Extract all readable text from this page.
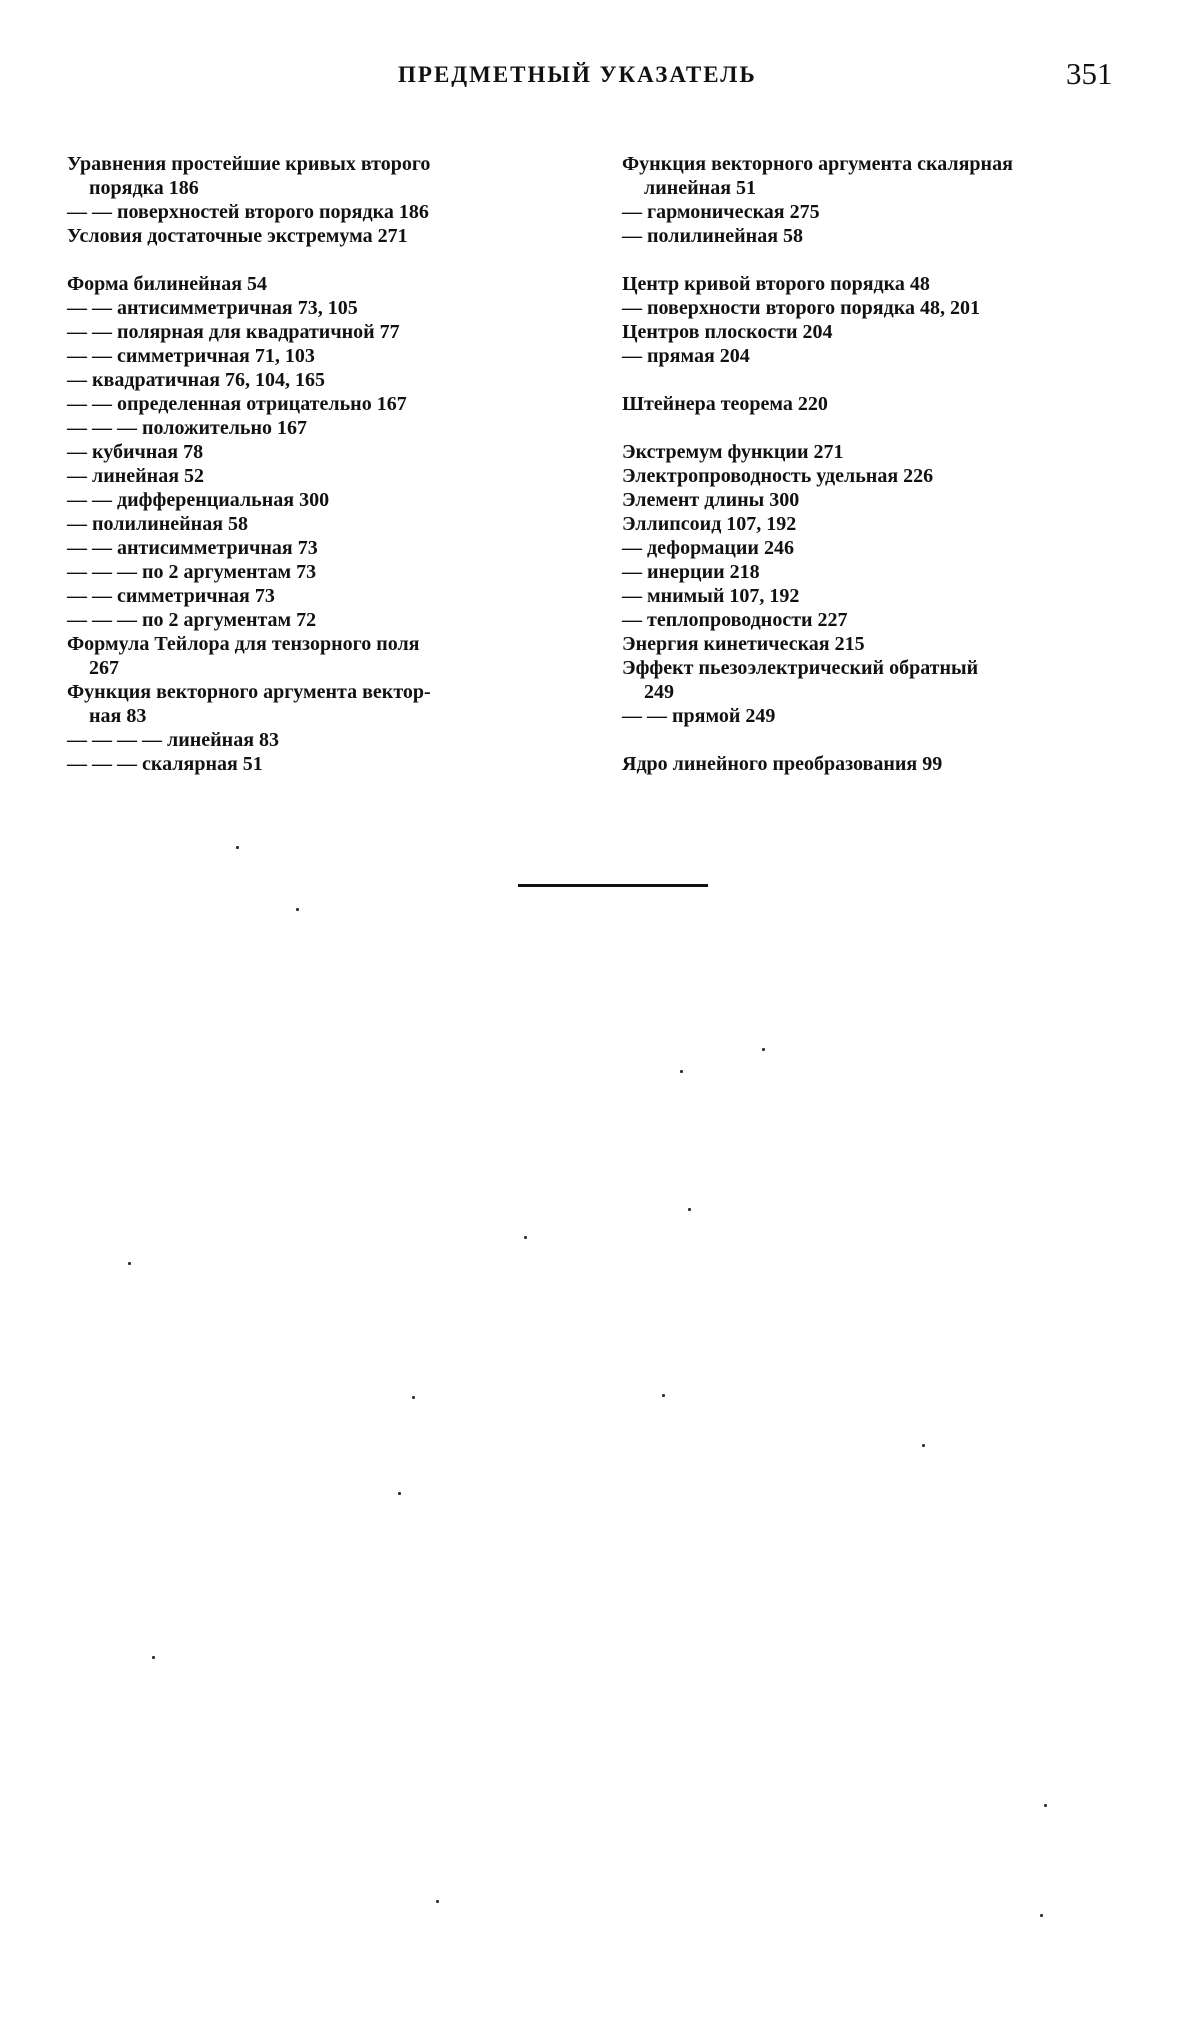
ПРЕДМЕТНЫЙ УКАЗАТЕЛЬ	351
Уравнения простейшие кривых второго
порядка 186
— — поверхностей второго порядка 186
Условия достаточные экстремума 271
Форма билинейная 54
— — антисимметричная 73, 105
— — полярная для квадратичной 77
— — симметричная 71, 103
— квадратичная 76, 104, 165
— — определенная отрицательно 167
— — — положительно 167
— кубичная 78
— линейная 52
— — дифференциальная 300
— полилинейная 58
— — антисимметричная 73
— — — по 2 аргументам 73
— — симметричная 73
— — — по 2 аргументам 72
Формула Тейлора для тензорного поля
267
Функция векторного аргумента вектор-
ная 83
— — — — линейная 83
— — — скалярная 51
Функция векторного аргумента скалярная
линейная 51
— гармоническая 275
— полилинейная 58
Центр кривой второго порядка 48
— поверхности второго порядка 48, 201
Центров плоскости 204
— прямая 204
Штейнера теорема 220
Экстремум функции 271
Электропроводность удельная 226
Элемент длины 300
Эллипсоид 107, 192
— деформации 246
— инерции 218
— мнимый 107, 192
— теплопроводности 227
Энергия кинетическая 215
Эффект пьезоэлектрический обратный
249
— — прямой 249
Ядро линейного преобразования 99
